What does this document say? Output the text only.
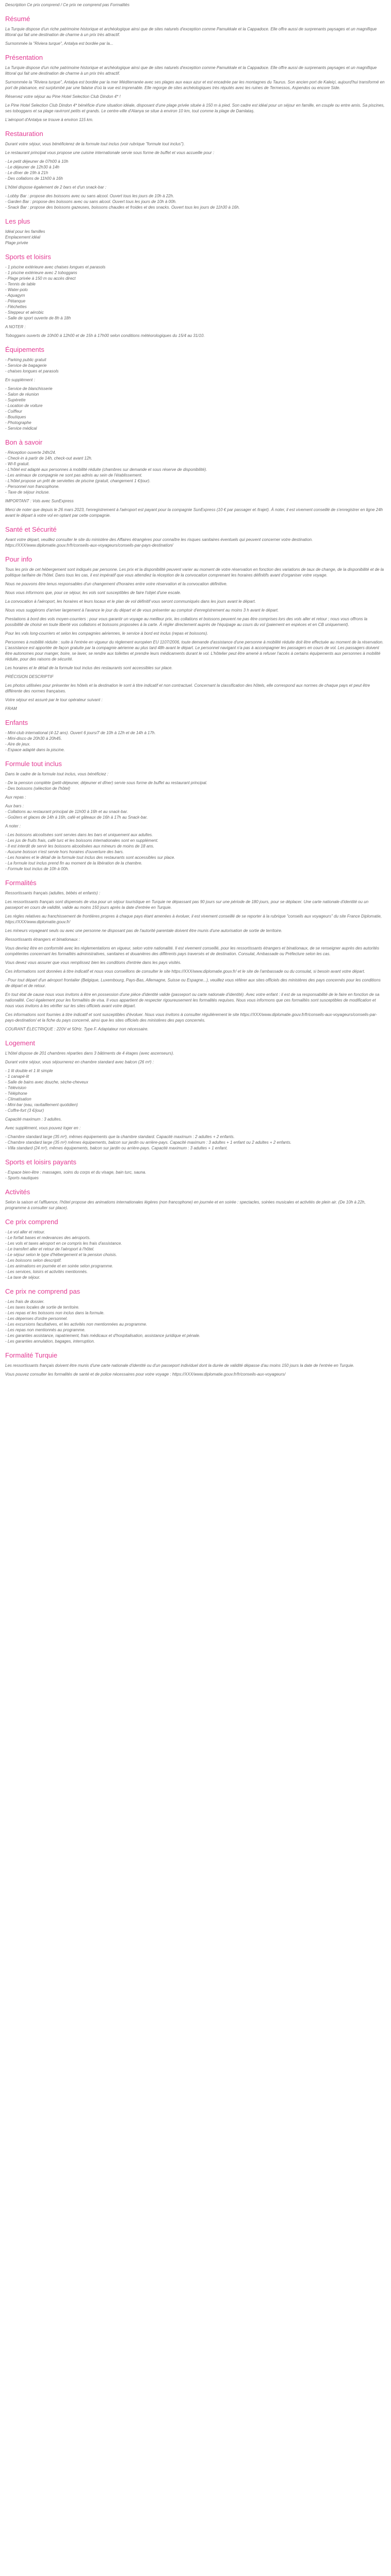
Description Ce prix comprend / Ce prix ne comprend pas Formalités

Résumé

La Turquie dispose d'un riche patrimoine historique et archéologique ainsi que de sites naturels d'exception comme Pamukkale et la Cappadoce. Elle offre aussi de surprenants paysages et un magnifique littoral qui fait une destination de charme à un prix très attractif.

Surnommée la "Riviera turque", Antalya est bordée par la...

Présentation

La Turquie dispose d'un riche patrimoine historique et archéologique ainsi que de sites naturels d'exception comme Pamukkale et la Cappadoce. Elle offre aussi de surprenants paysages et un magnifique littoral qui fait une destination de charme à un prix très attractif.

Surnommée la "Riviera turque", Antalya est bordée par la mer Méditerranée avec ses plages aux eaux azur et est encadrée par les montagnes du Taurus. Son ancien port de Kaleiçi, aujourd'hui transformé en port de plaisance, est surplombé par une falaise d'où la vue est imprenable. Elle regorge de sites archéologiques très réputés avec les ruines de Termessos, Aspendos ou encore Side.

Réservez votre séjour au Pine Hotel Selection Club Dindon 4* !

Le Pine Hotel Selection Club Dindon 4* bénéficie d'une situation idéale, disposant d'une plage privée située à 150 m à pied. Son cadre est idéal pour un séjour en famille, en couple ou entre amis. Sa piscines, ses toboggans et sa plage ravirront petits et grands. Le centre-ville d'Alanya se situe à environ 10 km, tout comme la plage de Damlataş.

L'aéroport d'Antalya se trouve à environ 115 km.

Restauration

Durant votre séjour, vous bénéficierez de la formule tout inclus (voir rubrique "formule tout inclus").

Le restaurant principal vous propose une cuisine internationale servie sous forme de buffet et vous accueille pour :

- Le petit déjeuner de 07h00 à 10h
- Le déjeuner de 12h30 à 14h
- Le dîner de 19h à 21h
- Des collations de 11h00 à 16h

L'hôtel dispose également de 2 bars et d'un snack-bar :

- Lobby Bar : propose des boissons avec ou sans alcool. Ouvert tous les jours de 10h à 22h.
- Garden Bar : propose des boissons avec ou sans alcool. Ouvert tous les jours de 10h à 00h.
- Snack Bar : propose des boissons gazeuses, boissons chaudes et froides et des snacks. Ouvert tous les jours de 11h30 à 16h.
Les plus
Idéal pour les familles
Emplacement idéal
Plage privée
Sports et loisirs
- 1 piscine extérieure avec chaises longues et parasols
- 1 piscine extérieure avec 2 toboggans
- Plage privée à 150 m ou accès direct
- Tennis de table
- Water-polo
- Aquagym
- Pétanque
- Fléchettes
- Steppeur et aérobic
- Salle de sport ouverte de 8h à 18h

A NOTER :

Toboggans ouverts de 10h00 à 12h00 et de 15h à 17h00 selon conditions météorologiques du 15/4 au 31/10.

Équipements
- Parking public gratuit
- Service de bagagerie
- chaises longues et parasols

En supplément :

- Service de blanchisserie
- Salon de réunion
- Supérette
- Location de voiture
- Coiffeur
- Boutiques
- Photographe
- Service médical
Bon à savoir
- Réception ouverte 24h/24.
- Check-in à partir de 14h, check-out avant 12h.
- Wi-fi gratuit.
- L'hôtel est adapté aux personnes à mobilité réduite (chambres sur demande et sous réserve de disponibilité).
- Les animaux de compagnie ne sont pas admis au sein de l'établissement.
- L'hôtel propose un prêt de serviettes de piscine (gratuit, changement 1 €/jour).
- Personnel non francophone.
- Taxe de séjour incluse.

IMPORTANT : Vols avec SunExpress

Merci de noter que depuis le 26 mars 2023, l'enregistrement à l'aéroport est payant pour la compagnie SunExpress (10 € par passager et /trajet). À noter, il est vivement conseillé de s'enregistrer en ligne 24h avant le départ à votre vol en optant par cette compagnie.

Santé et Sécurité

Avant votre départ, veuillez consulter le site du ministère des Affaires étrangères pour connaître les risques sanitaires éventuels qui peuvent concerner votre destination. https://XXX/www.diplomatie.gouv.fr/fr/conseils-aux-voyageurs/conseils-par-pays-destination/

Pour info

Tous les prix de cet hébergement sont indiqués par personne. Les prix et la disponibilité peuvent varier au moment de votre réservation en fonction des variations de taux de change, de la disponibilité et de la politique tarifaire de l'hôtel. Dans tous les cas, il est impératif que vous attendiez la réception de la convocation comprenant les horaires définitifs avant d'organiser votre voyage.

Nous ne pouvons être tenus responsables d'un changement d'horaires entre votre réservation et la convocation définitive.

Nous vous informons que, pour ce séjour, les vols sont susceptibles de faire l'objet d'une escale.

La convocation à l'aéroport, les horaires et leurs locaux et le plan de vol définitif vous seront communiqués dans les jours avant le départ.

Nous vous suggérons d'arriver largement à l'avance le jour du départ et de vous présenter au comptoir d'enregistrement au moins 3 h avant le départ.

Prestations à bord des vols moyen-courriers : pour vous garantir un voyage au meilleur prix, les collations et boissons peuvent ne pas être comprises lors des vols aller et retour ; nous vous offrons la possibilité de choisir en toute liberté vos collations et boissons proposées à la carte. À régler directement auprès de l'équipage au cours du vol (paiement en espèces et en CB uniquement).

Pour les vols long-courriers et selon les compagnies aériennes, le service à bord est inclus (repas et boissons).

Personnes à mobilité réduite : suite à l'entrée en vigueur du règlement européen EU 1107/2006, toute demande d'assistance d'une personne à mobilité réduite doit être effectuée au moment de la réservation. L'assistance est apportée de façon gratuite par la compagnie aérienne au plus tard 48h avant le départ. Le personnel navigant n'a pas à accompagner les passagers en cours de vol. Les passagers doivent être autonomes pour manger, boire, se laver, se rendre aux toilettes et prendre leurs médicaments durant le vol. L'hôtelier peut être amené à refuser l'accès à certains équipements aux personnes à mobilité réduite, pour des raisons de sécurité.

Les horaires et le détail de la formule tout inclus des restaurants sont accessibles sur place.

PRÉCISION DESCRIPTIF

Les photos utilisées pour présenter les hôtels et la destination le sont à titre indicatif et non contractuel. Concernant la classification des hôtels, elle correspond aux normes de chaque pays et peut être différente des normes françaises.

Votre séjour est assuré par le tour opérateur suivant :

FRAM

Enfants
- Mini-club international (4-12 ans). Ouvert 6 jours/7 de 10h à 12h et de 14h à 17h.
- Mini-disco de 20h30 à 20h45.
- Aire de jeux.
- Espace adapté dans la piscine.
Formule tout inclus

Dans le cadre de la formule tout inclus, vous bénéficiez :

- De la pension complète (petit-déjeuner, déjeuner et dîner) servie sous forme de buffet au restaurant principal.
- Des boissons (sélection de l'hôtel)

Aux repas :

Aux bars :
- Collations au restaurant principal de 11h00 à 16h et au snack-bar.
- Goûters et glaces de 14h à 16h, café et gâteaux de 16h à 17h au Snack-bar.

A noter :

- Les boissons alcoolisées sont servies dans les bars et uniquement aux adultes.
- Les jus de fruits frais, café turc et les boissons internationales sont en supplément.
- Il est interdit de servir les boissons alcoolisées aux mineurs de moins de 18 ans.
- Aucune boisson n'est servie hors horaires d'ouverture des bars.
- Les horaires et le détail de la formule tout inclus des restaurants sont accessibles sur place.
- La formule tout inclus prend fin au moment de la libération de la chambre.
- Formule tout inclus de 10h à 00h.
Formalités

Ressortissants français (adultes, bébés et enfants) :

Les ressortissants français sont dispensés de visa pour un séjour touristique en Turquie ne dépassant pas 90 jours sur une période de 180 jours, pour se déplacer. Une carte nationale d'identité ou un passeport en cours de validité, valide au moins 150 jours après la date d'entrée en Turquie.

Les règles relatives au franchissement de frontières propres à chaque pays étant amenées à évoluer, il est vivement conseillé de se reporter à la rubrique "conseils aux voyageurs" du site France Diplomatie, https://XXX/www.diplomatie.gouv.fr/

Les mineurs voyageant seuls ou avec une personne ne disposant pas de l'autorité parentale doivent être munis d'une autorisation de sortie de territoire.

Ressortissants étrangers et binationaux :

Vous devriez être en conformité avec les réglementations en vigueur, selon votre nationalité. Il est vivement conseillé, pour les ressortissants étrangers et binationaux, de se renseigner auprès des autorités compétentes concernant les formalités administratives, sanitaires et douanières des différents pays traversés et de destination. Consulat, Ambassade ou Préfecture selon les cas.

Vous devez vous assurer que vous remplissez bien les conditions d'entrée dans les pays visités.

Ces informations sont données à titre indicatif et nous vous conseillons de consulter le site https://XXX/www.diplomatie.gouv.fr/ et le site de l'ambassade ou du consulat, si besoin avant votre départ.

- Pour tout départ d'un aéroport frontalier (Belgique, Luxembourg, Pays-Bas, Allemagne, Suisse ou Espagne...), veuillez vous référer aux sites officiels des ministères des pays concernés pour les conditions de départ et de retour.

En tout état de cause nous vous invitons à être en possession d'une pièce d'identité valide (passeport ou carte nationale d'identité). Avec votre enfant : il est de sa responsabilité de le faire en fonction de sa nationalité. Ceci également pour les formalités de visa. Il vous appartient de respecter rigoureusement les formalités requises. Nous vous informons que ces formalités sont susceptibles de modification et nous vous invitons à les vérifier sur les sites officiels avant votre départ.

Ces informations sont fournies à titre indicatif et sont susceptibles d'évoluer. Nous vous invitons à consulter régulièrement le site https://XXX/www.diplomatie.gouv.fr/fr/conseils-aux-voyageurs/conseils-par-pays-destination/ et la fiche du pays concerné, ainsi que les sites officiels des ministères des pays concernés.

COURANT ÉLECTRIQUE : 220V et 50Hz. Type F. Adaptateur non nécessaire.

Logement

L'hôtel dispose de 201 chambres réparties dans 3 bâtiments de 4 étages (avec ascenseurs).

Durant votre séjour, vous séjournerez en chambre standard avec balcon (26 m²) :

- 1 lit double et 1 lit simple
- 1 canapé-lit
- Salle de bains avec douche, sèche-cheveux
- Télévision
- Téléphone
- Climatisation
- Mini-bar (eau, ravitaillement quotidien)
- Coffre-fort (3 €/jour)

Capacité maximum : 3 adultes.

Avec supplément, vous pouvez loger en :

- Chambre standard large (35 m²), mêmes équipements que la chambre standard. Capacité maximum : 2 adultes + 2 enfants.
- Chambre standard large (35 m²) mêmes équipements, balcon sur jardin ou arrière-pays. Capacité maximum : 3 adultes + 1 enfant ou 2 adultes + 2 enfants.
- Villa standard (24 m²), mêmes équipements, balcon sur jardin ou arrière-pays. Capacité maximum : 3 adultes + 1 enfant.
Sports et loisirs payants
- Espace bien-être : massages, soins du corps et du visage, bain turc, sauna.
- Sports nautiques
Activités

Selon la saison et l'affluence, l'hôtel propose des animations internationales légères (non francophone) en journée et en soirée : spectacles, soirées musicales et activités de plein air. (De 10h à 22h, programme à consulter sur place).

Ce prix comprend
- Le vol aller et retour.
- Le forfait bases et redevances des aéroports.
- Les vols et taxes aéroport en ce compris les frais d'assistance.
- Le transfert aller et retour de l'aéroport à l'hôtel.
- Le séjour selon le type d'hébergement et la pension choisis.
- Les boissons selon descriptif.
- Les animations en journée et en soirée selon programme.
- Les services, loisirs et activités mentionnés.
- La taxe de séjour.
Ce prix ne comprend pas
- Les frais de dossier.
- Les taxes locales de sortie de territoire.
- Les repas et les boissons non inclus dans la formule.
- Les dépenses d'ordre personnel.
- Les excursions facultatives, et les activités non mentionnées au programme.
- Les repas non mentionnés au programme.
- Les garanties assistance, rapatriement, frais médicaux et d'hospitalisation, assistance juridique et pénale.
- Les garanties annulation, bagages, interruption.
Formalité Turquie

Les ressortissants français doivent être munis d'une carte nationale d'identité ou d'un passeport individuel dont la durée de validité dépasse d'au moins 150 jours la date de l'entrée en Turquie.

Vous pouvez consulter les formalités de santé et de police nécessaires pour votre voyage : https://XXX/www.diplomatie.gouv.fr/fr/conseils-aux-voyageurs/
